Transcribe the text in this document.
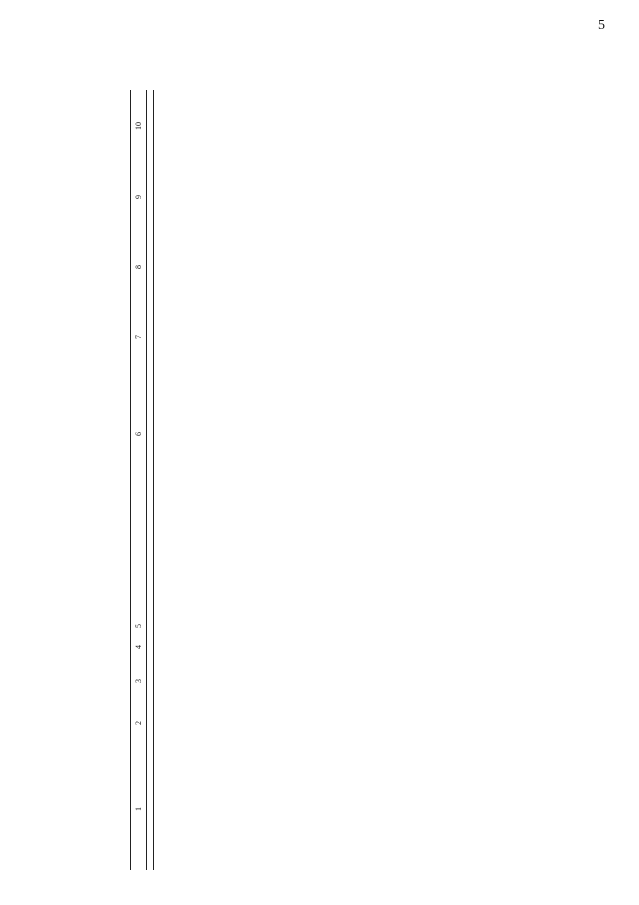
5
1	2	3	4	5	6	7	8	9	10
